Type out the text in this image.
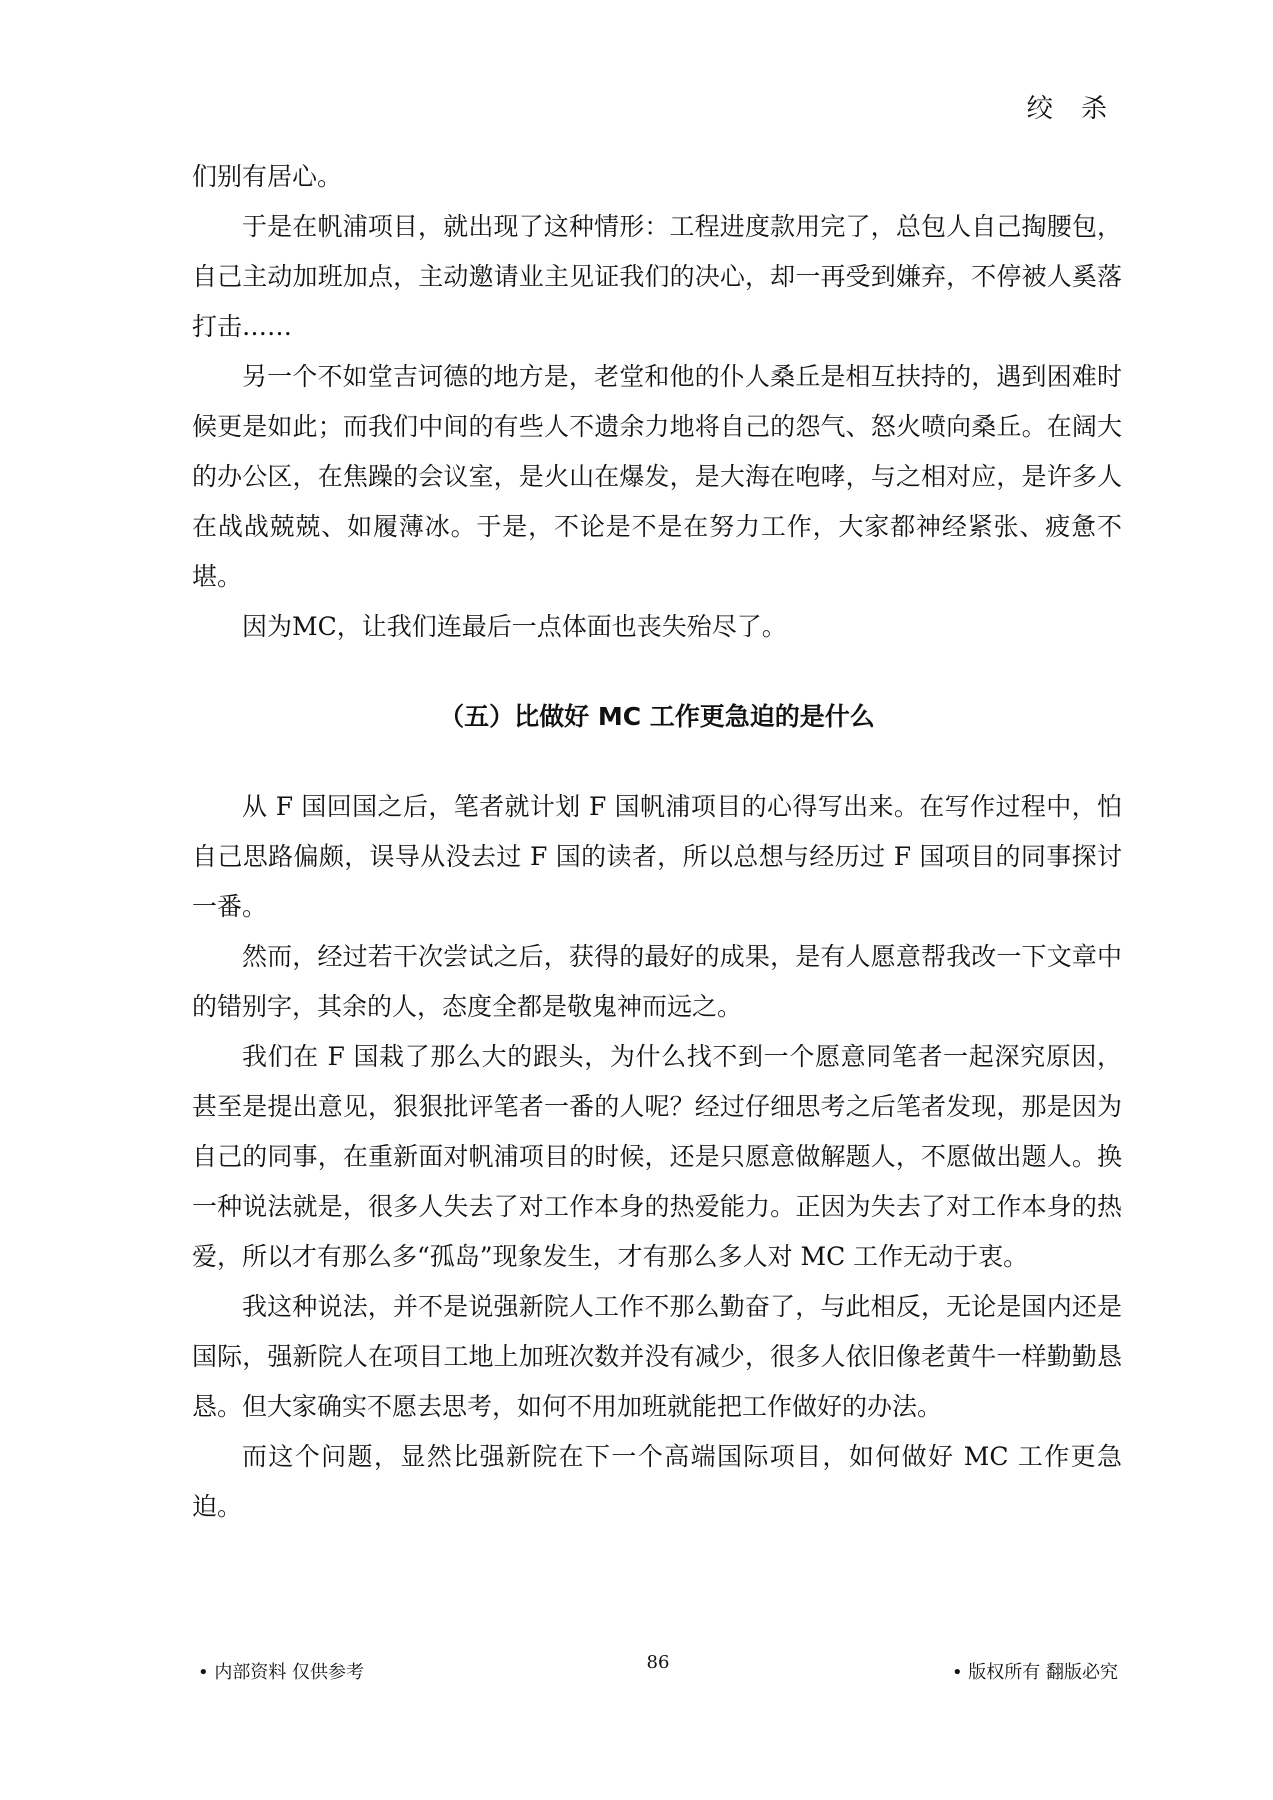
绞 杀

们别有居心。

于是在帆浦项目，就出现了这种情形：工程进度款用完了，总包人自己掏腰包，自己主动加班加点，主动邀请业主见证我们的决心，却一再受到嫌弃，不停被人奚落打击……

另一个不如堂吉诃德的地方是，老堂和他的仆人桑丘是相互扶持的，遇到困难时候更是如此；而我们中间的有些人不遗余力地将自己的怨气、怒火喷向桑丘。在阔大的办公区，在焦躁的会议室，是火山在爆发，是大海在咆哮，与之相对应，是许多人在战战兢兢、如履薄冰。于是，不论是不是在努力工作，大家都神经紧张、疲惫不堪。

因为MC，让我们连最后一点体面也丧失殆尽了。

（五）比做好 MC 工作更急迫的是什么

从 F 国回国之后，笔者就计划 F 国帆浦项目的心得写出来。在写作过程中，怕自己思路偏颇，误导从没去过 F 国的读者，所以总想与经历过 F 国项目的同事探讨一番。

然而，经过若干次尝试之后，获得的最好的成果，是有人愿意帮我改一下文章中的错别字，其余的人，态度全都是敬鬼神而远之。

我们在 F 国栽了那么大的跟头，为什么找不到一个愿意同笔者一起深究原因，甚至是提出意见，狠狠批评笔者一番的人呢？经过仔细思考之后笔者发现，那是因为自己的同事，在重新面对帆浦项目的时候，还是只愿意做解题人，不愿做出题人。换一种说法就是，很多人失去了对工作本身的热爱能力。正因为失去了对工作本身的热爱，所以才有那么多“孤岛”现象发生，才有那么多人对 MC 工作无动于衷。

我这种说法，并不是说强新院人工作不那么勤奋了，与此相反，无论是国内还是国际，强新院人在项目工地上加班次数并没有减少，很多人依旧像老黄牛一样勤勤恳恳。但大家确实不愿去思考，如何不用加班就能把工作做好的办法。

而这个问题，显然比强新院在下一个高端国际项目，如何做好 MC 工作更急迫。

• 内部资料 仅供参考	86	• 版权所有 翻版必究
